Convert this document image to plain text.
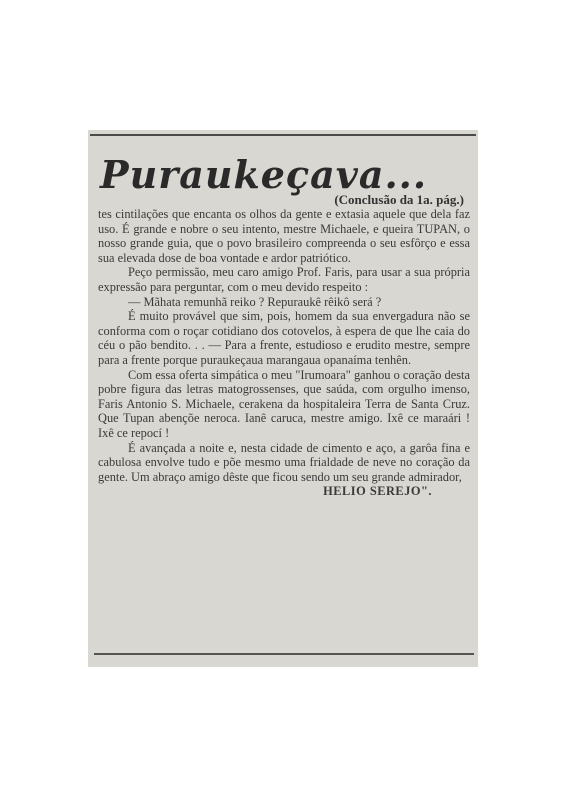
Puraukeçava...
(Conclusão da 1a. pág.)

tes cintilações que encanta os olhos da gente e extasia aquele que dela faz uso. É grande e nobre o seu intento, mestre Michaele, e queira TUPAN, o nosso grande guia, que o povo brasileiro compreenda o seu esfôrço e essa sua elevada dose de boa vontade e ardor patriótico.

Peço permissão, meu caro amigo Prof. Faris, para usar a sua própria expressão para perguntar, com o meu devido respeito :

— Mãhata remunhã reiko ? Repuraukê rêikô será ?

É muito provável que sim, pois, homem da sua envergadura não se conforma com o roçar cotidiano dos cotovelos, à espera de que lhe caia do céu o pão bendito. . . — Para a frente, estudioso e erudito mestre, sempre para a frente porque puraukeçaua marangaua opanaíma tenhên.

Com essa oferta simpática o meu "Irumoara" ganhou o coração desta pobre figura das letras matogrossenses, que saúda, com orgulho imenso, Faris Antonio S. Michaele, cerakena da hospitaleira Terra de Santa Cruz. Que Tupan abençõe neroca. Ianê caruca, mestre amigo. Ixê ce maraári ! Ixê ce repocí !

É avançada a noite e, nesta cidade de cimento e aço, a garôa fina e cabulosa envolve tudo e põe mesmo uma frialdade de neve no coração da gente. Um abraço amigo dêste que ficou sendo um seu grande admirador,

HELIO SEREJO".
